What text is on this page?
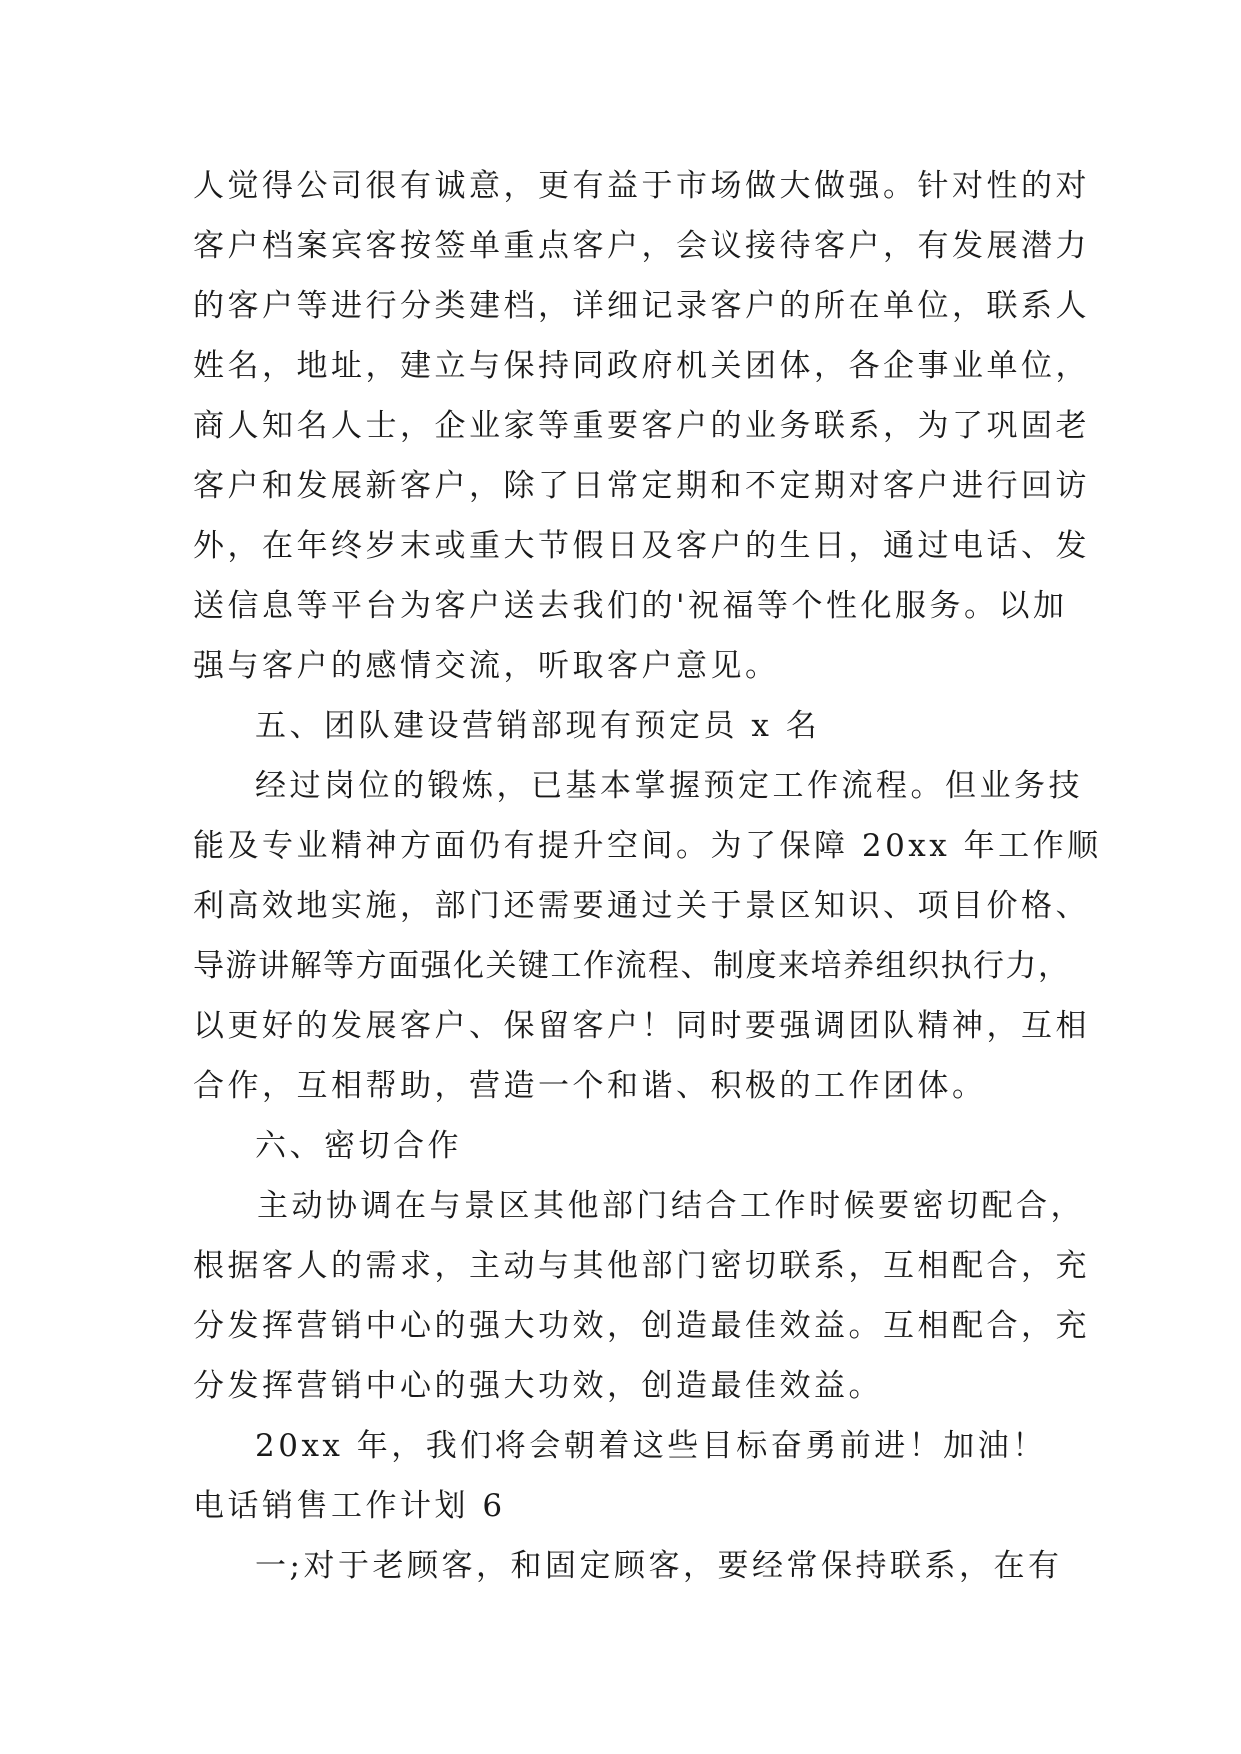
人觉得公司很有诚意，更有益于市场做大做强。针对性的对
客户档案宾客按签单重点客户，会议接待客户，有发展潜力
的客户等进行分类建档，详细记录客户的所在单位，联系人
姓名，地址，建立与保持同政府机关团体，各企事业单位，
商人知名人士，企业家等重要客户的业务联系，为了巩固老
客户和发展新客户，除了日常定期和不定期对客户进行回访
外，在年终岁末或重大节假日及客户的生日，通过电话、发
送信息等平台为客户送去我们的'祝福等个性化服务。以加
强与客户的感情交流，听取客户意见。
五、团队建设营销部现有预定员 x 名
经过岗位的锻炼，已基本掌握预定工作流程。但业务技
能及专业精神方面仍有提升空间。为了保障 20xx 年工作顺
利高效地实施，部门还需要通过关于景区知识、项目价格、
导游讲解等方面强化关键工作流程、制度来培养组织执行力，
以更好的发展客户、保留客户！同时要强调团队精神，互相
合作，互相帮助，营造一个和谐、积极的工作团体。
六、密切合作
主动协调在与景区其他部门结合工作时候要密切配合，
根据客人的需求，主动与其他部门密切联系，互相配合，充
分发挥营销中心的强大功效，创造最佳效益。互相配合，充
分发挥营销中心的强大功效，创造最佳效益。
20xx 年，我们将会朝着这些目标奋勇前进！加油！
电话销售工作计划 6
一;对于老顾客，和固定顾客，要经常保持联系，在有
